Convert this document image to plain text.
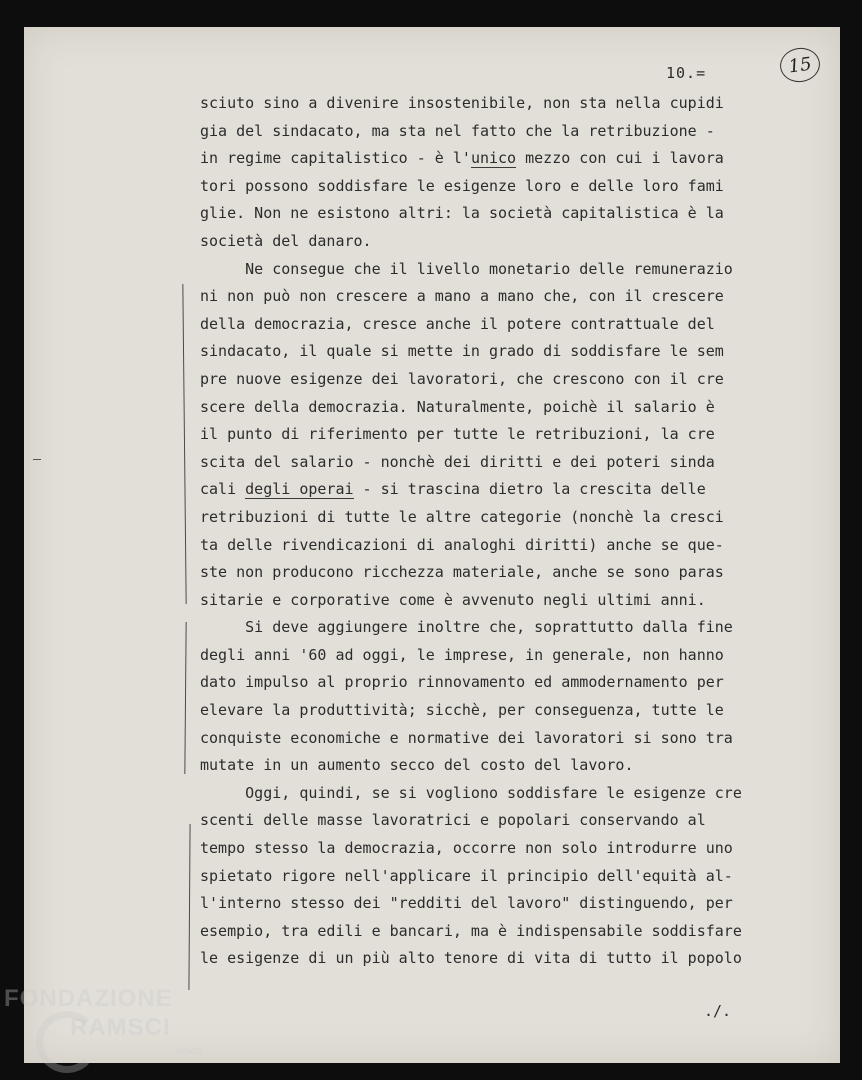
10.=	15
sciuto sino a divenire insostenibile, non sta nella cupidi
gia del sindacato, ma sta nel fatto che la retribuzione -
in regime capitalistico - è l'unico mezzo con cui i lavora
tori possono soddisfare le esigenze loro e delle loro fami
glie. Non ne esistono altri: la società capitalistica è la
società del danaro.
Ne consegue che il livello monetario delle remunerazio
ni non può non crescere a mano a mano che, con il crescere
della democrazia, cresce anche il potere contrattuale del
sindacato, il quale si mette in grado di soddisfare le sem
pre nuove esigenze dei lavoratori, che crescono con il cre
scere della democrazia. Naturalmente, poichè il salario è
il punto di riferimento per tutte le retribuzioni, la cre
scita del salario - nonchè dei diritti e dei poteri sinda
cali degli operai - si trascina dietro la crescita delle
retribuzioni di tutte le altre categorie (nonchè la cresci
ta delle rivendicazioni di analoghi diritti) anche se que-
ste non producono ricchezza materiale, anche se sono paras
sitarie e corporative come è avvenuto negli ultimi anni.
Si deve aggiungere inoltre che, soprattutto dalla fine
degli anni '60 ad oggi, le imprese, in generale, non hanno
dato impulso al proprio rinnovamento ed ammodernamento per
elevare la produttività; sicchè, per conseguenza, tutte le
conquiste economiche e normative dei lavoratori si sono tra
mutate in un aumento secco del costo del lavoro.
Oggi, quindi, se si vogliono soddisfare le esigenze cre
scenti delle masse lavoratrici e popolari conservando al
tempo stesso la democrazia, occorre non solo introdurre uno
spietato rigore nell'applicare il principio dell'equità al-
l'interno stesso dei "redditi del lavoro" distinguendo, per
esempio, tra edili e bancari, ma è indispensabile soddisfare
le esigenze di un più alto tenore di vita di tutto il popolo
./.
FONDAZIONE
RAMSCI
onlus
